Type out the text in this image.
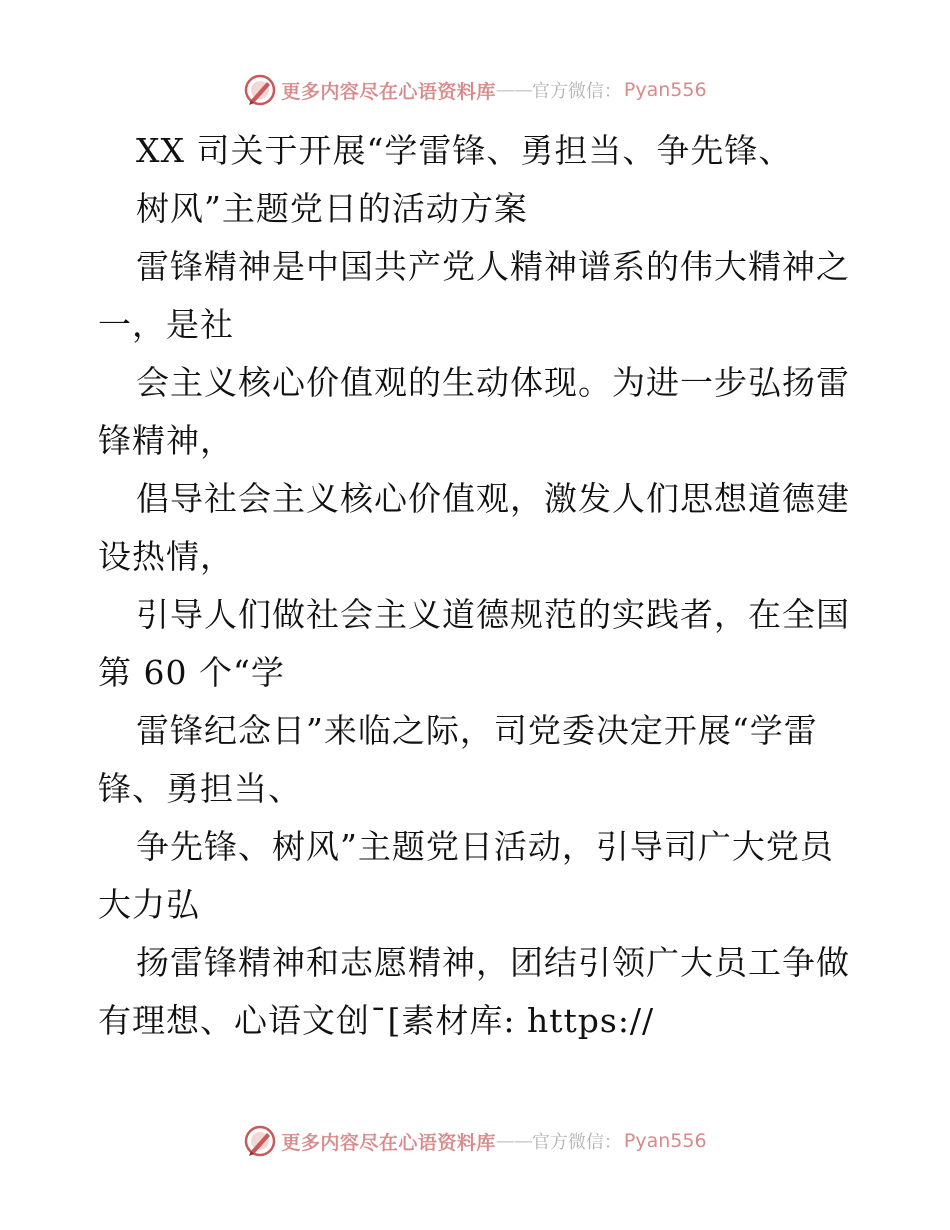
更多内容尽在心语资料库 —— 官方微信： Pyan556
XX 司关于开展“学雷锋、勇担当、争先锋、
树风”主题党日的活动方案
雷锋精神是中国共产党人精神谱系的伟大精神之
一，是社
会主义核心价值观的生动体现。为进一步弘扬雷
锋精神，
倡导社会主义核心价值观，激发人们思想道德建
设热情，
引导人们做社会主义道德规范的实践者，在全国
第 60 个“学
雷锋纪念日”来临之际，司党委决定开展“学雷
锋、勇担当、
争先锋、树风”主题党日活动，引导司广大党员
大力弘
扬雷锋精神和志愿精神，团结引领广大员工争做
有理想、心语文创¯[素材库: https://
更多内容尽在心语资料库 —— 官方微信： Pyan556
